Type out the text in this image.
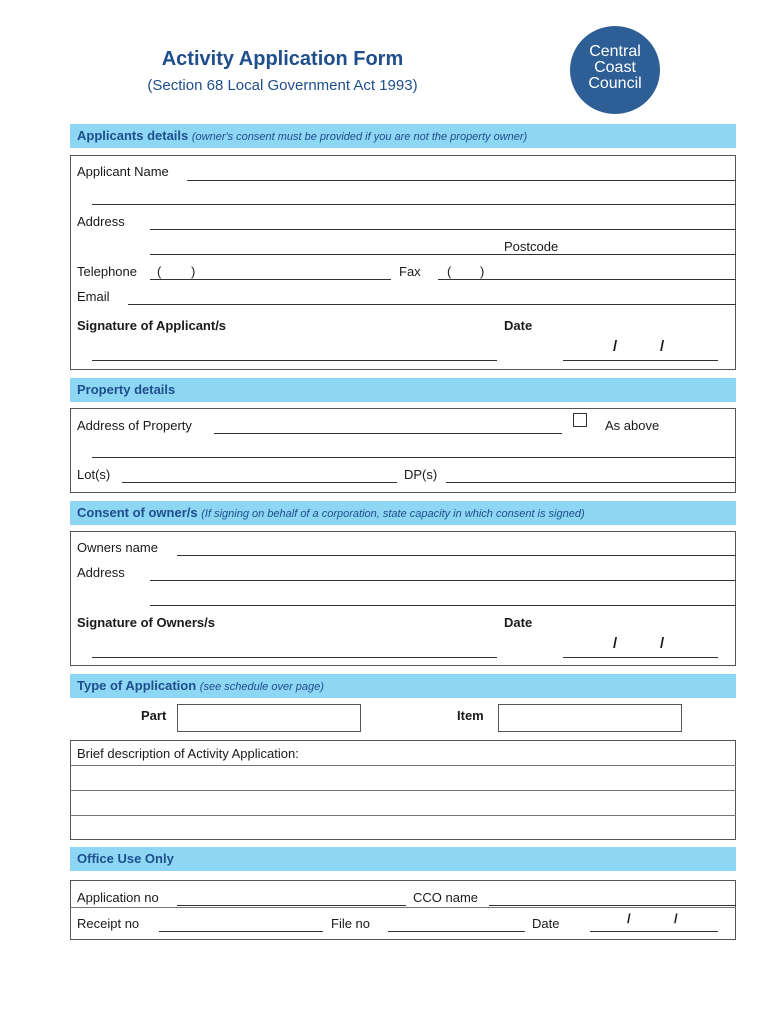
Activity Application Form
(Section 68 Local Government Act 1993)
Central
Coast
Council
Applicants details (owner's consent must be provided if you are not the property owner)
Applicant Name
Address
Postcode
Telephone ( )	Fax ( )
Email
Signature of Applicant/s	Date
/	/
Property details
Address of Property	As above
Lot(s)	DP(s)
Consent of owner/s (If signing on behalf of a corporation, state capacity in which consent is signed)
Owners name
Address
Signature of Owners/s	Date
/	/
Type of Application (see schedule over page)
Part	Item
Brief description of Activity Application:
Office Use Only
Application no	CCO name
Receipt no	File no	Date	/	/
